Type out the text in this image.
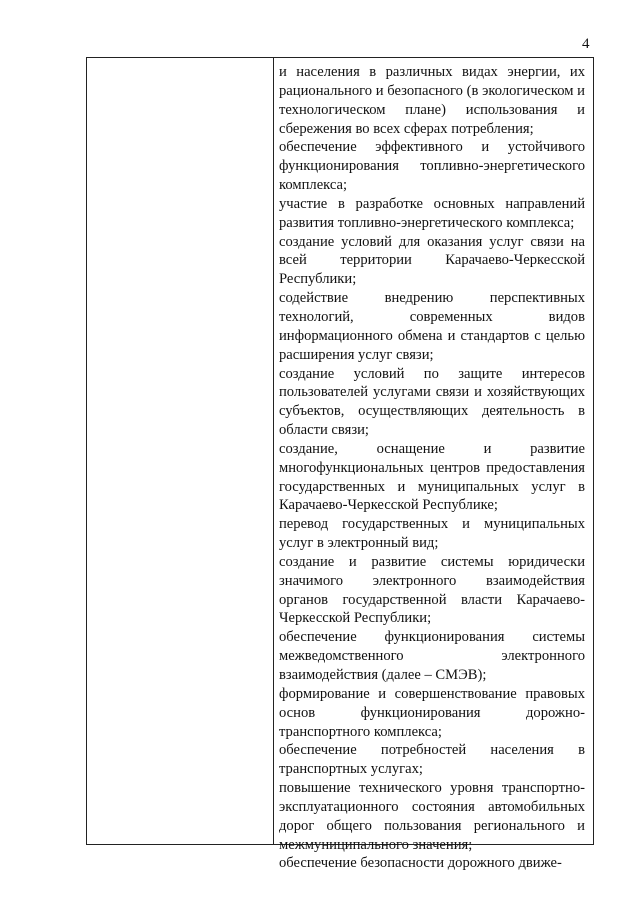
4
и населения в различных видах энергии, их рационального и безопасного (в экологическом и технологическом плане) использования и сбережения во всех сферах потребления;
обеспечение эффективного и устойчивого функционирования топливно-энергетического комплекса;
участие в разработке основных направлений развития топливно-энергетического комплекса;
создание условий для оказания услуг связи на всей территории Карачаево-Черкесской Республики;
содействие внедрению перспективных технологий, современных видов информационного обмена и стандартов с целью расширения услуг связи;
создание условий по защите интересов пользователей услугами связи и хозяйствующих субъектов, осуществляющих деятельность в области связи;
создание, оснащение и развитие многофункциональных центров предоставления государственных и муниципальных услуг в Карачаево-Черкесской Республике;
перевод государственных и муниципальных услуг в электронный вид;
создание и развитие системы юридически значимого электронного взаимодействия органов государственной власти Карачаево-Черкесской Республики;
обеспечение функционирования системы межведомственного электронного взаимодействия (далее – СМЭВ);
формирование и совершенствование правовых основ функционирования дорожно-транспортного комплекса;
обеспечение потребностей населения в транспортных услугах;
повышение технического уровня транспортно-эксплуатационного состояния автомобильных дорог общего пользования регионального и межмуниципального значения;
обеспечение безопасности дорожного движе-
